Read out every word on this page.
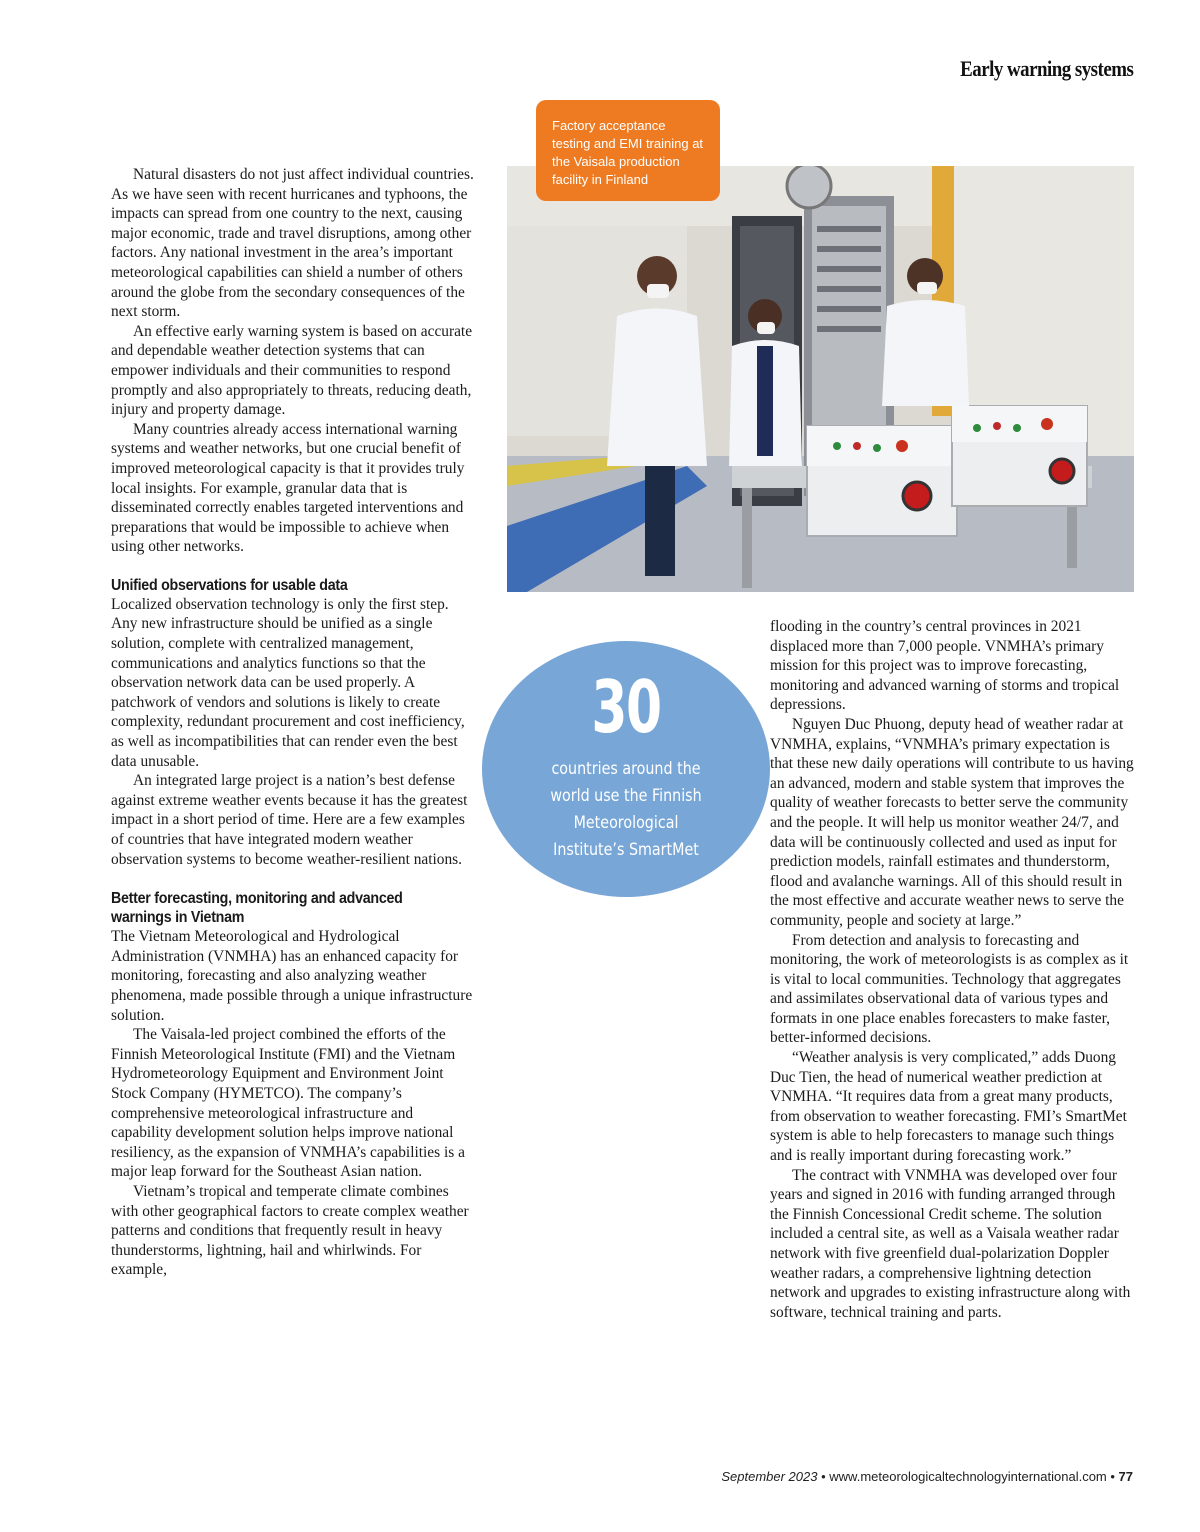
Early warning systems
Factory acceptance testing and EMI training at the Vaisala production facility in Finland

Natural disasters do not just affect individual countries. As we have seen with recent hurricanes and typhoons, the impacts can spread from one country to the next, causing major economic, trade and travel disruptions, among other factors. Any national investment in the area’s important meteorological capabilities can shield a number of others around the globe from the secondary consequences of the next storm.

An effective early warning system is based on accurate and dependable weather detection systems that can empower individuals and their communities to respond promptly and also appropriately to threats, reducing death, injury and property damage.

Many countries already access international warning systems and weather networks, but one crucial benefit of improved meteorological capacity is that it provides truly local insights. For example, granular data that is disseminated correctly enables targeted interventions and preparations that would be impossible to achieve when using other networks.

Unified observations for usable data

Localized observation technology is only the first step. Any new infrastructure should be unified as a single solution, complete with centralized management, communications and analytics functions so that the observation network data can be used properly. A patchwork of vendors and solutions is likely to create complexity, redundant procurement and cost inefficiency, as well as incompatibilities that can render even the best data unusable.

An integrated large project is a nation’s best defense against extreme weather events because it has the greatest impact in a short period of time. Here are a few examples of countries that have integrated modern weather observation systems to become weather-resilient nations.

Better forecasting, monitoring and advanced warnings in Vietnam

The Vietnam Meteorological and Hydrological Administration (VNMHA) has an enhanced capacity for monitoring, forecasting and also analyzing weather phenomena, made possible through a unique infrastructure solution.

The Vaisala-led project combined the efforts of the Finnish Meteorological Institute (FMI) and the Vietnam Hydrometeorology Equipment and Environment Joint Stock Company (HYMETCO). The company’s comprehensive meteorological infrastructure and capability development solution helps improve national resiliency, as the expansion of VNMHA’s capabilities is a major leap forward for the Southeast Asian nation.

Vietnam’s tropical and temperate climate combines with other geographical factors to create complex weather patterns and conditions that frequently result in heavy thunderstorms, lightning, hail and whirlwinds. For example,

30
countries around the world use the Finnish Meteorological Institute’s SmartMet

flooding in the country’s central provinces in 2021 displaced more than 7,000 people. VNMHA’s primary mission for this project was to improve forecasting, monitoring and advanced warning of storms and tropical depressions.

Nguyen Duc Phuong, deputy head of weather radar at VNMHA, explains, “VNMHA’s primary expectation is that these new daily operations will contribute to us having an advanced, modern and stable system that improves the quality of weather forecasts to better serve the community and the people. It will help us monitor weather 24/7, and data will be continuously collected and used as input for prediction models, rainfall estimates and thunderstorm, flood and avalanche warnings. All of this should result in the most effective and accurate weather news to serve the community, people and society at large.”

From detection and analysis to forecasting and monitoring, the work of meteorologists is as complex as it is vital to local communities. Technology that aggregates and assimilates observational data of various types and formats in one place enables forecasters to make faster, better-informed decisions.

“Weather analysis is very complicated,” adds Duong Duc Tien, the head of numerical weather prediction at VNMHA. “It requires data from a great many products, from observation to weather forecasting. FMI’s SmartMet system is able to help forecasters to manage such things and is really important during forecasting work.”

The contract with VNMHA was developed over four years and signed in 2016 with funding arranged through the Finnish Concessional Credit scheme. The solution included a central site, as well as a Vaisala weather radar network with five greenfield dual-polarization Doppler weather radars, a comprehensive lightning detection network and upgrades to existing infrastructure along with software, technical training and parts.

September 2023 • www.meteorologicaltechnologyinternational.com • 77
